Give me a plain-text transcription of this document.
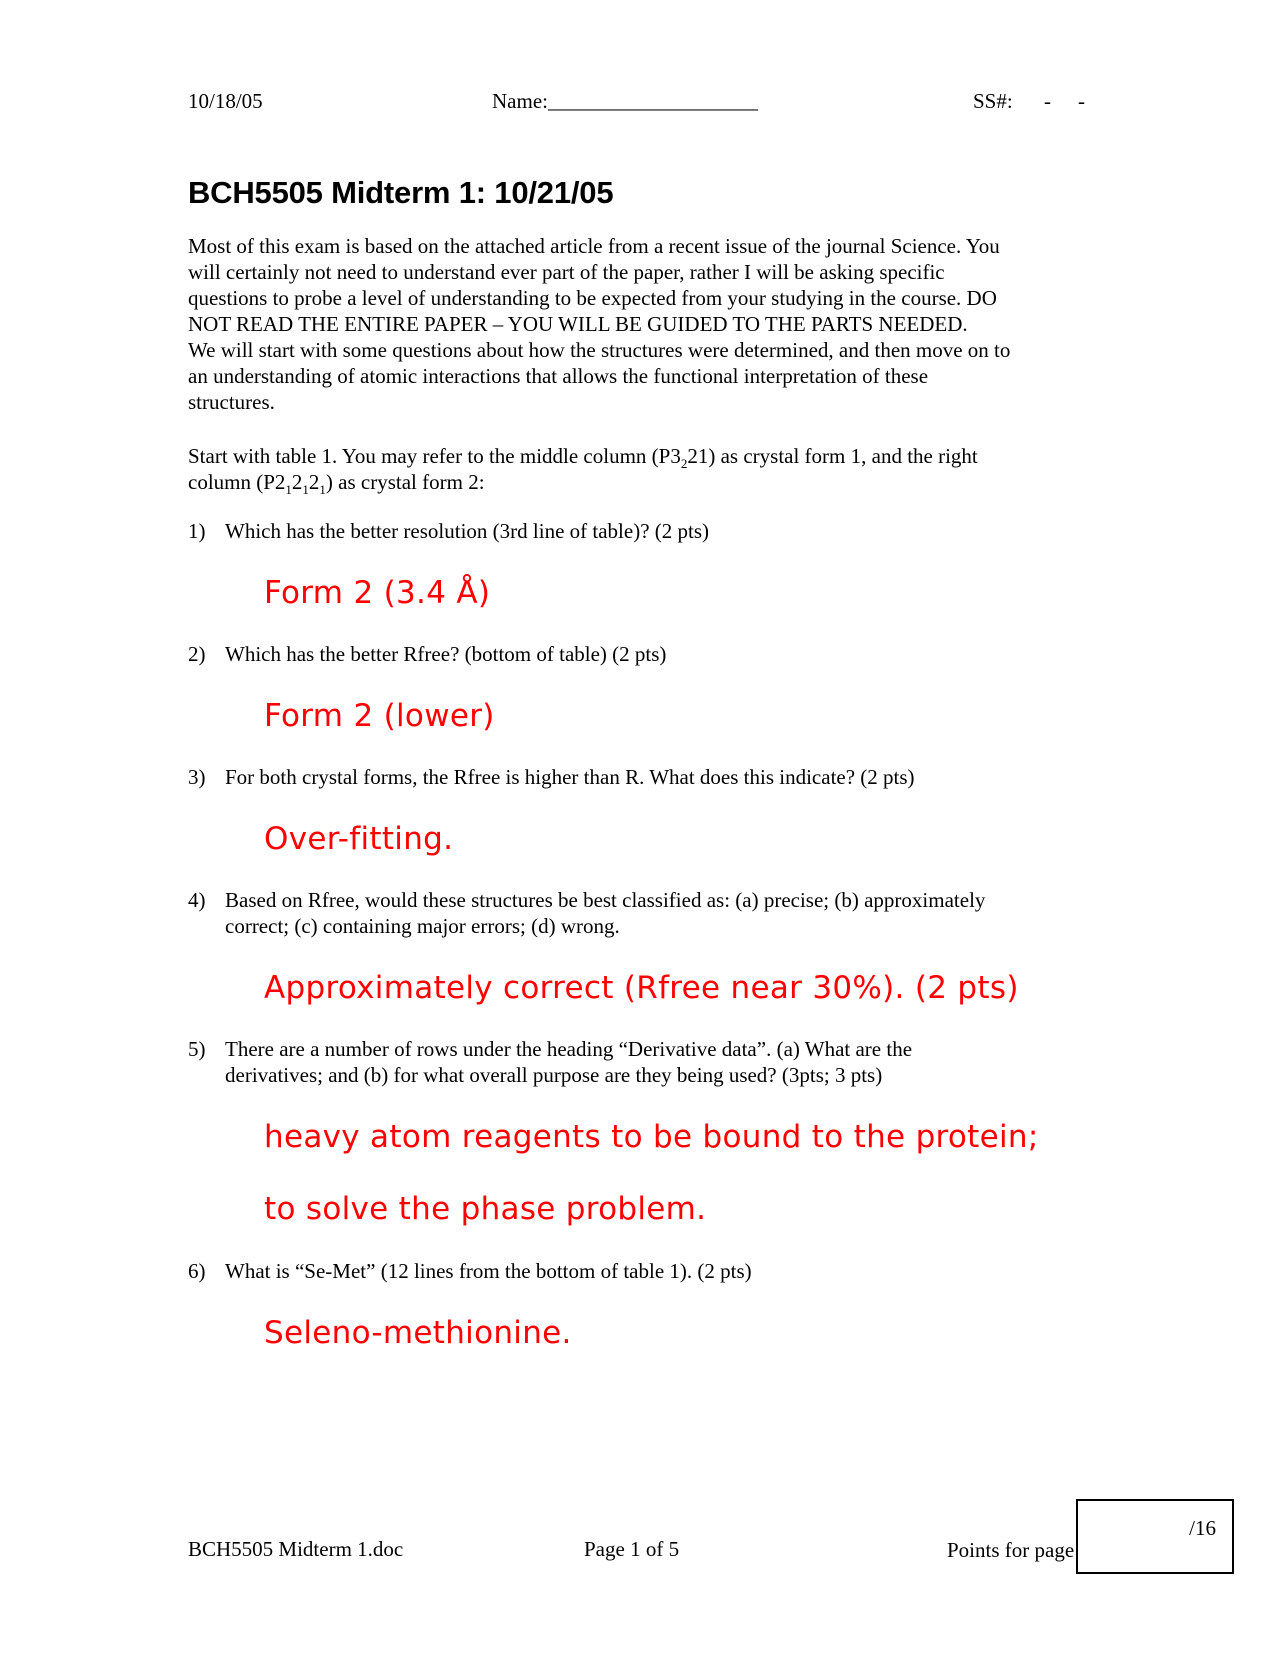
10/18/05	Name:____________________	SS#: - -
BCH5505 Midterm 1: 10/21/05

Most of this exam is based on the attached article from a recent issue of the journal Science. You

will certainly not need to understand ever part of the paper, rather I will be asking specific

questions to probe a level of understanding to be expected from your studying in the course. DO

NOT READ THE ENTIRE PAPER – YOU WILL BE GUIDED TO THE PARTS NEEDED.

We will start with some questions about how the structures were determined, and then move on to

an understanding of atomic interactions that allows the functional interpretation of these

structures.

Start with table 1. You may refer to the middle column $(P3_221)$ as crystal form 1, and the right

column $(P2_12_12_1)$ as crystal form 2:

1) Which has the better resolution (3rd line of table)? (2 pts)

Form 2 (3.4 Å)
2) Which has the better Rfree? (bottom of table) (2 pts)

Form 2 (lower)
3) For both crystal forms, the Rfree is higher than R. What does this indicate? (2 pts)

Over-fitting.
4) Based on Rfree, would these structures be best classified as: (a) precise; (b) approximately

correct; (c) containing major errors; (d) wrong.

Approximately correct (Rfree near 30%). (2 pts)
5) There are a number of rows under the heading “Derivative data”. (a) What are the

derivatives; and (b) for what overall purpose are they being used? (3pts; 3 pts)

heavy atom reagents to be bound to the protein;
to solve the phase problem.
6) What is “Se-Met” (12 lines from the bottom of table 1). (2 pts)

Seleno-methionine.
BCH5505 Midterm 1.doc	Page 1 of 5	Points for page
/16
